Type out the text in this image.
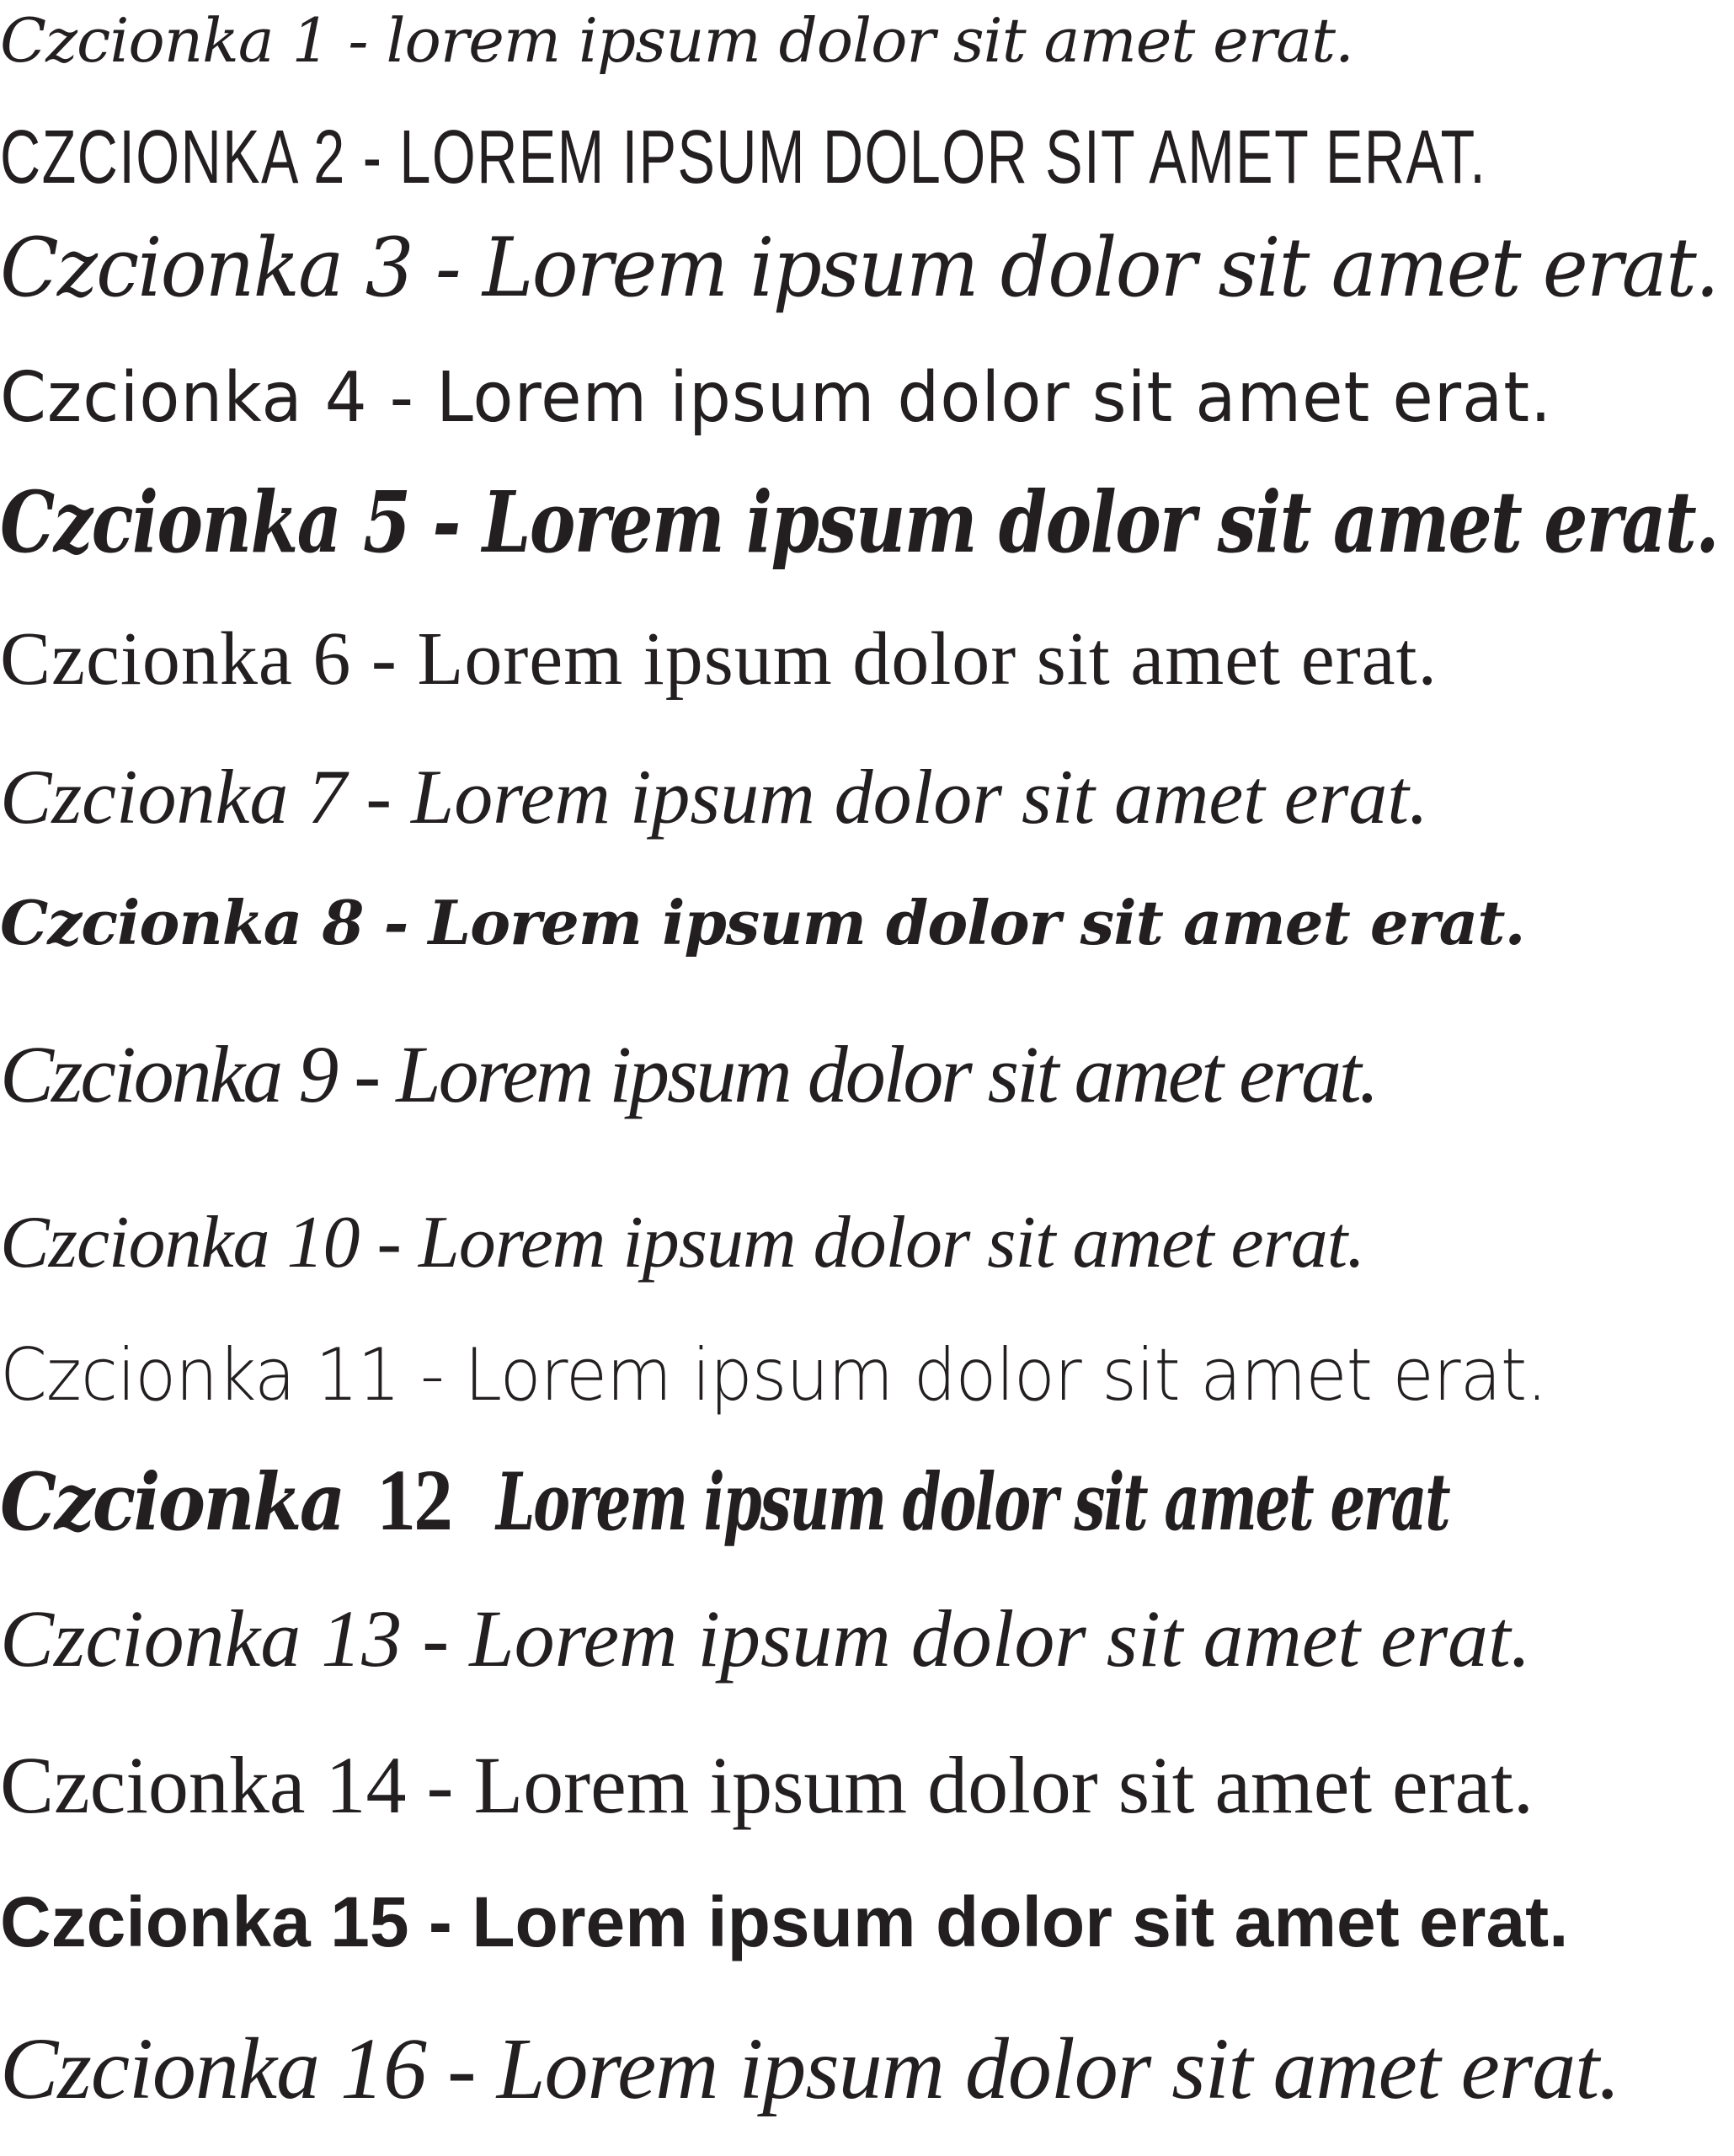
Czcionka 1 - lorem ipsum dolor sit amet erat.
CZCIONKA 2 - LOREM IPSUM DOLOR SIT AMET ERAT.
Czcionka 3 - Lorem ipsum dolor sit amet erat.
Czcionka 4 - Lorem ipsum dolor sit amet erat.
Czcionka 5 - Lorem ipsum dolor sit amet erat.
Czcionka 6 - Lorem ipsum dolor sit amet erat.
Czcionka 7 - Lorem ipsum dolor sit amet erat.
Czcionka 8 - Lorem ipsum dolor sit amet erat.
Czcionka 9 - Lorem ipsum dolor sit amet erat.
Czcionka 10 - Lorem ipsum dolor sit amet erat.
Czcionka 11 - Lorem ipsum dolor sit amet erat.
Czcionka 12 Lorem ipsum dolor sit amet erat
Czcionka 13 - Lorem ipsum dolor sit amet erat.
Czcionka 14 - Lorem ipsum dolor sit amet erat.
Czcionka 15 - Lorem ipsum dolor sit amet erat.
Czcionka 16 - Lorem ipsum dolor sit amet erat.
